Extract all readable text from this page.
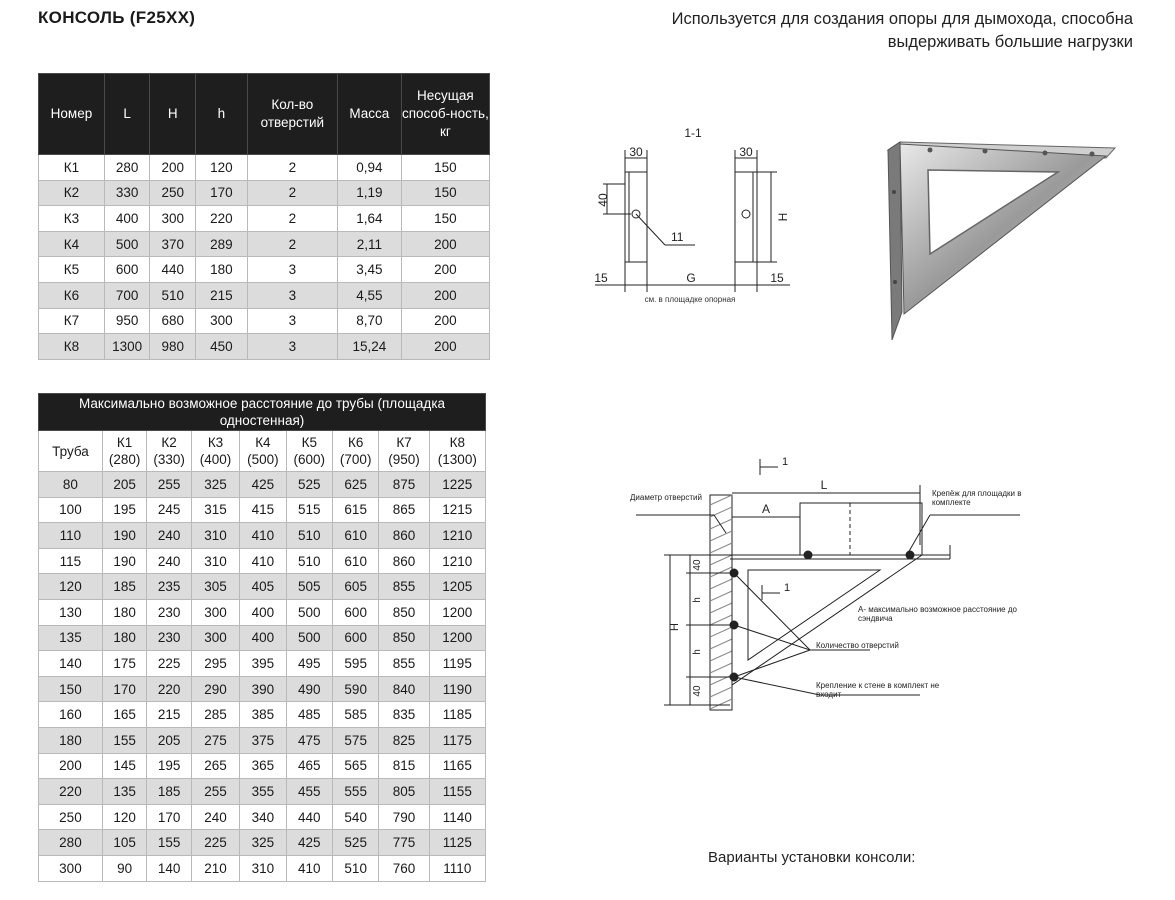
КОНСОЛЬ (F25XX)	Используется для создания опоры для дымохода, способна выдерживать большие нагрузки
Номер	L	H	h	Кол-во отверстий	Масса	Несущая способ-ность, кг
К1	280	200	120	2	0,94	150
К2	330	250	170	2	1,19	150
К3	400	300	220	2	1,64	150
К4	500	370	289	2	2,11	200
К5	600	440	180	3	3,45	200
К6	700	510	215	3	4,55	200
К7	950	680	300	3	8,70	200
К8	1300	980	450	3	15,24	200
Максимально возможное расстояние до трубы (площадка одностенная)								
Труба	К1 (280)	К2 (330)	К3 (400)	К4 (500)	К5 (600)	К6 (700)	К7 (950)	К8 (1300)
80	205	255	325	425	525	625	875	1225
100	195	245	315	415	515	615	865	1215
110	190	240	310	410	510	610	860	1210
115	190	240	310	410	510	610	860	1210
120	185	235	305	405	505	605	855	1205
130	180	230	300	400	500	600	850	1200
135	180	230	300	400	500	600	850	1200
140	175	225	295	395	495	595	855	1195
150	170	220	290	390	490	590	840	1190
160	165	215	285	385	485	585	835	1185
180	155	205	275	375	475	575	825	1175
200	145	195	265	365	465	565	815	1165
220	135	185	255	355	455	555	805	1155
250	120	170	240	340	440	540	790	1140
280	105	155	225	325	425	525	775	1125
300	90	140	210	310	410	510	760	1110
1-1
30	30
40
11
H
15	G	15
см. в площадке опорная
1
1
L
A
Диаметр отверстий	Крепёж для площадки в комплекте
А- максимально возможное расстояние до сэндвича
Количество отверстий
Крепление к стене в комплект не входит
40
h
h
40
H
Варианты установки консоли:
